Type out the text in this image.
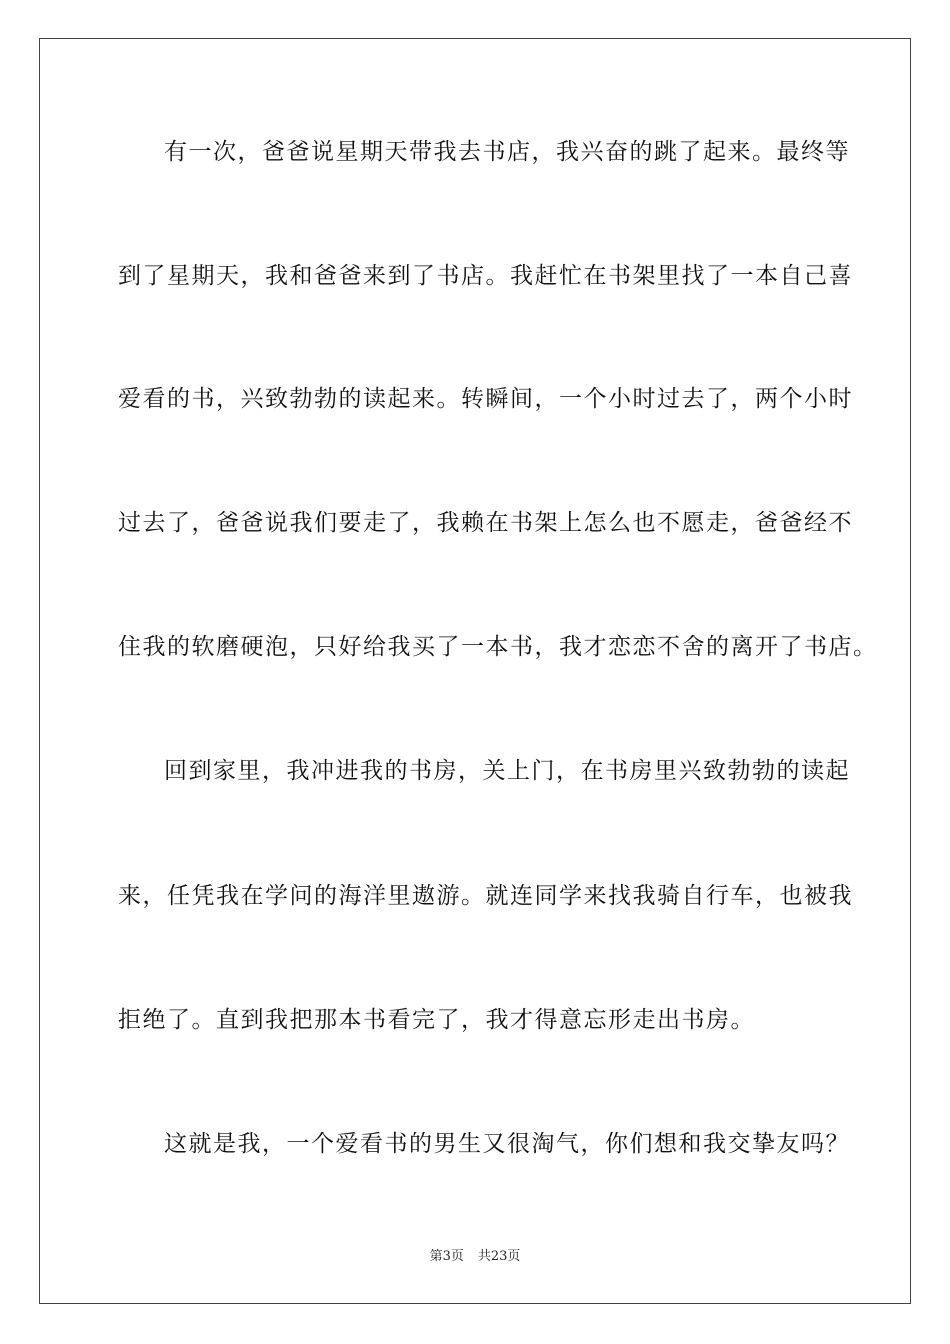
有一次，爸爸说星期天带我去书店，我兴奋的跳了起来。最终等
到了星期天，我和爸爸来到了书店。我赶忙在书架里找了一本自己喜
爱看的书，兴致勃勃的读起来。转瞬间，一个小时过去了，两个小时
过去了，爸爸说我们要走了，我赖在书架上怎么也不愿走，爸爸经不
住我的软磨硬泡，只好给我买了一本书，我才恋恋不舍的离开了书店。
回到家里，我冲进我的书房，关上门，在书房里兴致勃勃的读起
来，任凭我在学问的海洋里遨游。就连同学来找我骑自行车，也被我
拒绝了。直到我把那本书看完了，我才得意忘形走出书房。
这就是我，一个爱看书的男生又很淘气，你们想和我交挚友吗？
第3页 共23页
